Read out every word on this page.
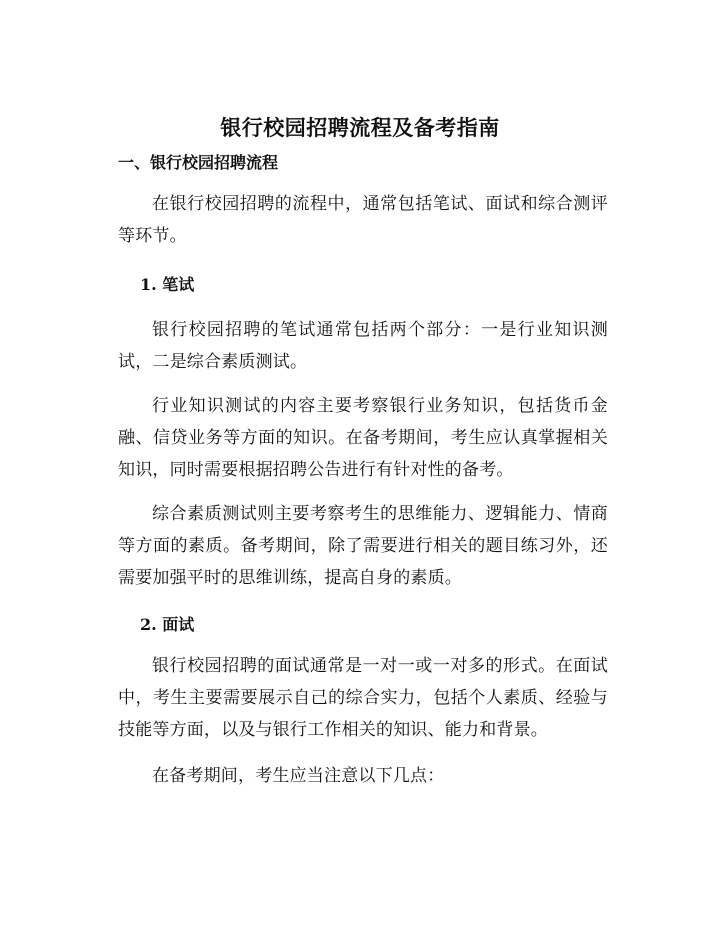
银行校园招聘流程及备考指南
一、银行校园招聘流程

在银行校园招聘的流程中，通常包括笔试、面试和综合测评等环节。

1. 笔试

银行校园招聘的笔试通常包括两个部分：一是行业知识测试，二是综合素质测试。

行业知识测试的内容主要考察银行业务知识，包括货币金融、信贷业务等方面的知识。在备考期间，考生应认真掌握相关知识，同时需要根据招聘公告进行有针对性的备考。

综合素质测试则主要考察考生的思维能力、逻辑能力、情商等方面的素质。备考期间，除了需要进行相关的题目练习外，还需要加强平时的思维训练，提高自身的素质。

2. 面试

银行校园招聘的面试通常是一对一或一对多的形式。在面试中，考生主要需要展示自己的综合实力，包括个人素质、经验与技能等方面，以及与银行工作相关的知识、能力和背景。

在备考期间，考生应当注意以下几点：
